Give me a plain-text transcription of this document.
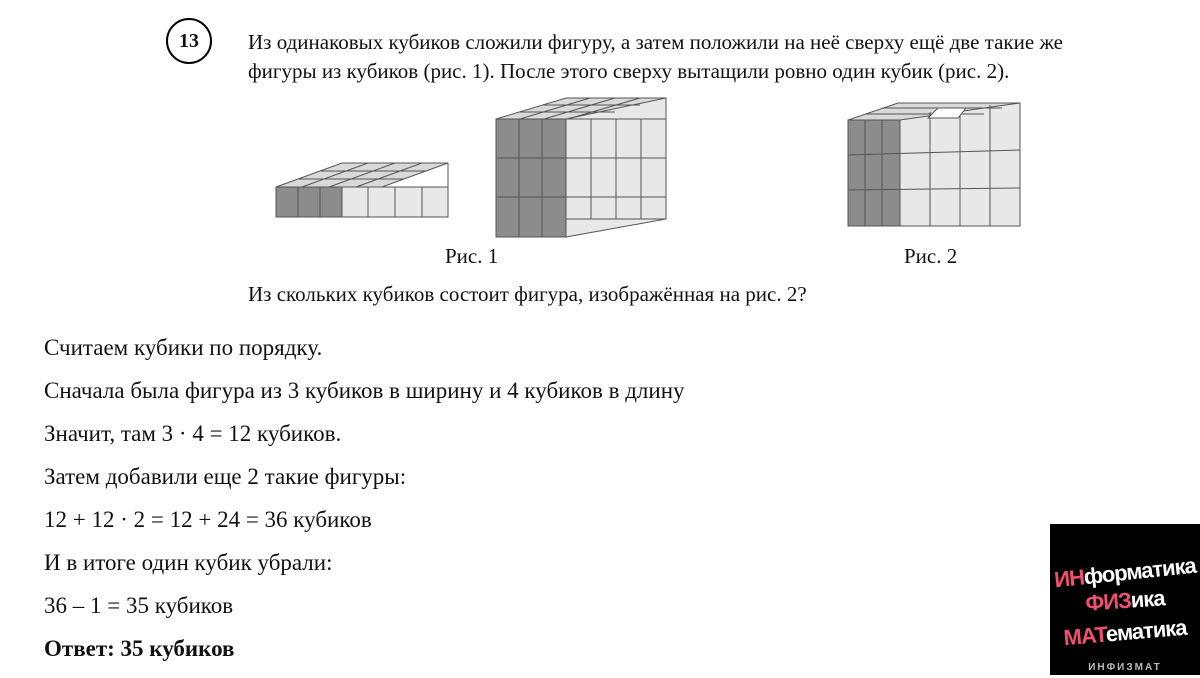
13 Из одинаковых кубиков сложили фигуру, а затем положили на неё сверху ещё две такие же
фигуры из кубиков (рис. 1). После этого сверху вытащили ровно один кубик (рис. 2).

Рис. 1	Рис. 2

Из скольких кубиков состоит фигура, изображённая на рис. 2?

Считаем кубики по порядку.
Сначала была фигура из 3 кубиков в ширину и 4 кубиков в длину
Значит, там 3 · 4 = 12 кубиков.
Затем добавили еще 2 такие фигуры:
12 + 12 · 2 = 12 + 24 = 36 кубиков
И в итоге один кубик убрали:
36 – 1 = 35 кубиков
Ответ: 35 кубиков
ИНформатика
ФИЗика
МАТематика
ИНФИЗМАТ
